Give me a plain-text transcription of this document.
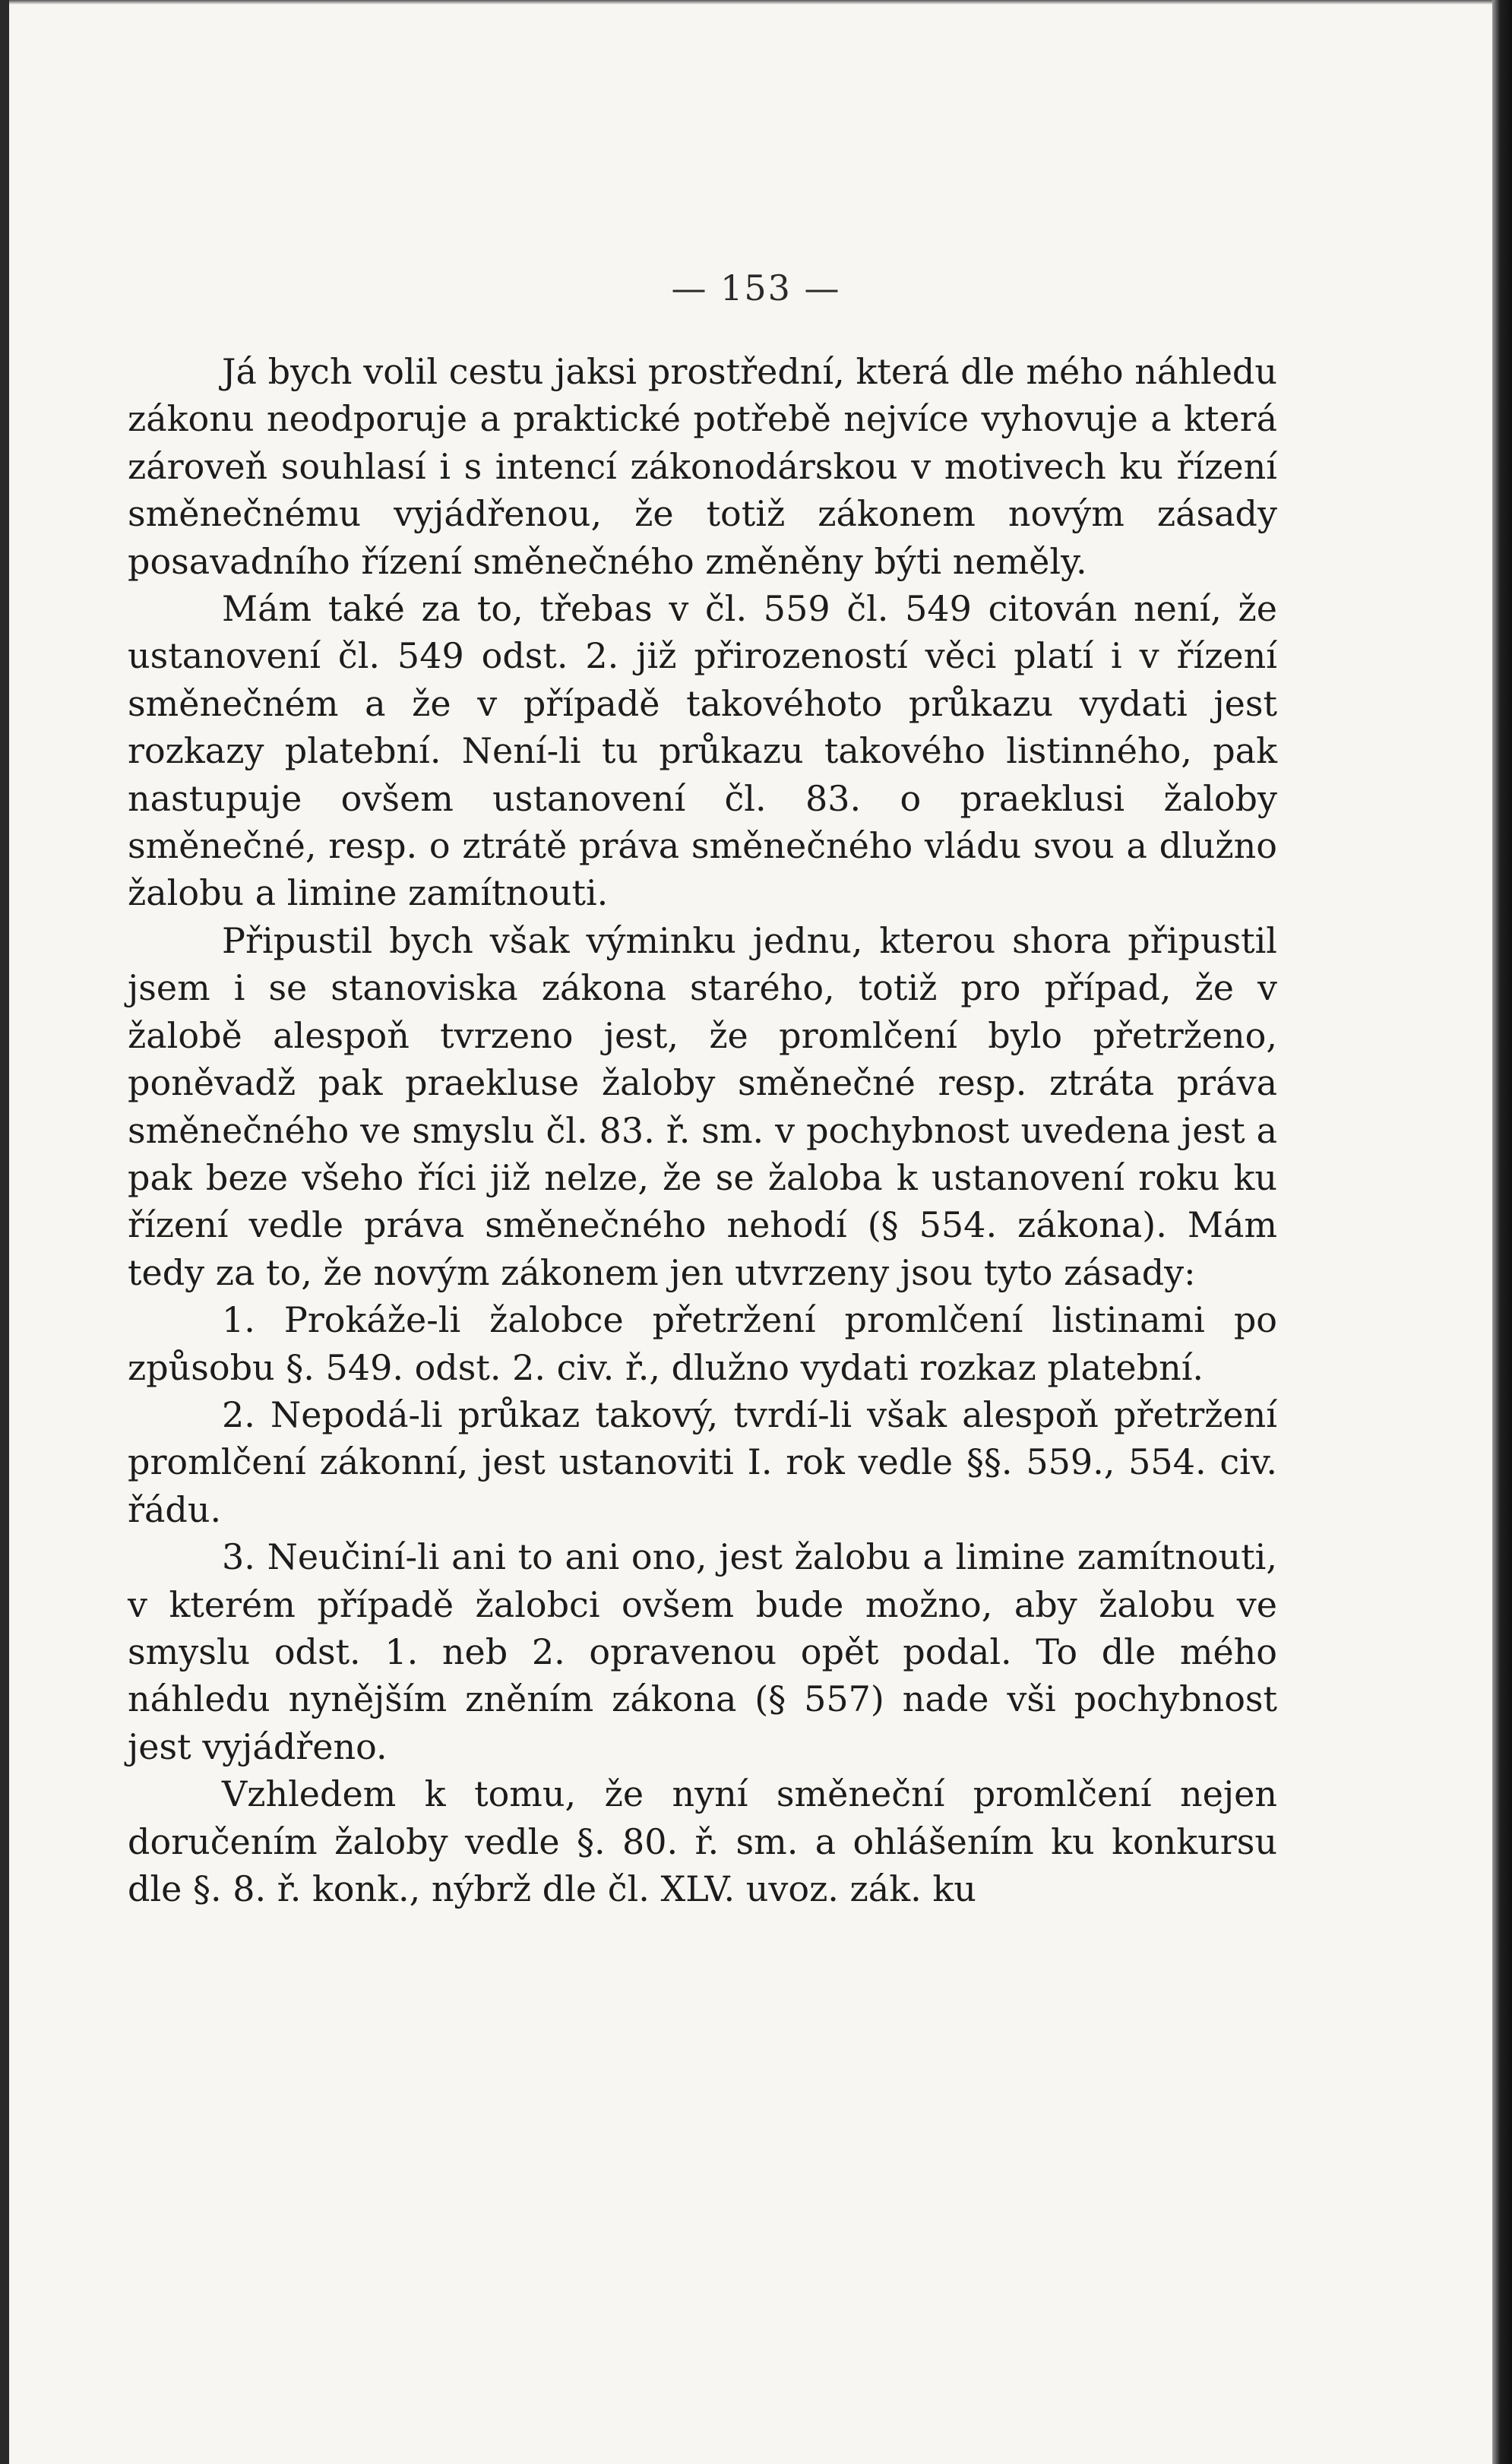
— 153 —

Já bych volil cestu jaksi prostřední, která dle mého náhledu zákonu neodporuje a praktické potřebě nejvíce vyhovuje a která zároveň souhlasí i s intencí zákonodárskou v motivech ku řízení směnečnému vyjádřenou, že totiž zákonem novým zásady posavadního řízení směnečného změněny býti neměly.

Mám také za to, třebas v čl. 559 čl. 549 citován není, že ustanovení čl. 549 odst. 2. již přirozeností věci platí i v řízení směnečném a že v případě takovéhoto průkazu vydati jest rozkazy platební. Není-li tu průkazu takového listinného, pak nastupuje ovšem ustanovení čl. 83. o praeklusi žaloby směnečné, resp. o ztrátě práva směnečného vládu svou a dlužno žalobu a limine zamítnouti.

Připustil bych však výminku jednu, kterou shora připustil jsem i se stanoviska zákona starého, totiž pro případ, že v žalobě alespoň tvrzeno jest, že promlčení bylo přetrženo, poněvadž pak praekluse žaloby směnečné resp. ztráta práva směnečného ve smyslu čl. 83. ř. sm. v pochybnost uvedena jest a pak beze všeho říci již nelze, že se žaloba k ustanovení roku ku řízení vedle práva směnečného nehodí (§ 554. zákona). Mám tedy za to, že novým zákonem jen utvrzeny jsou tyto zásady:

1. Prokáže-li žalobce přetržení promlčení listinami po způsobu §. 549. odst. 2. civ. ř., dlužno vydati rozkaz platební.

2. Nepodá-li průkaz takový, tvrdí-li však alespoň přetržení promlčení zákonní, jest ustanoviti I. rok vedle §§. 559., 554. civ. řádu.

3. Neučiní-li ani to ani ono, jest žalobu a limine zamítnouti, v kterém případě žalobci ovšem bude možno, aby žalobu ve smyslu odst. 1. neb 2. opravenou opět podal. To dle mého náhledu nynějším zněním zákona (§ 557) nade vši pochybnost jest vyjádřeno.

Vzhledem k tomu, že nyní směneční promlčení nejen doručením žaloby vedle §. 80. ř. sm. a ohlášením ku konkursu dle §. 8. ř. konk., nýbrž dle čl. XLV. uvoz. zák. ku
